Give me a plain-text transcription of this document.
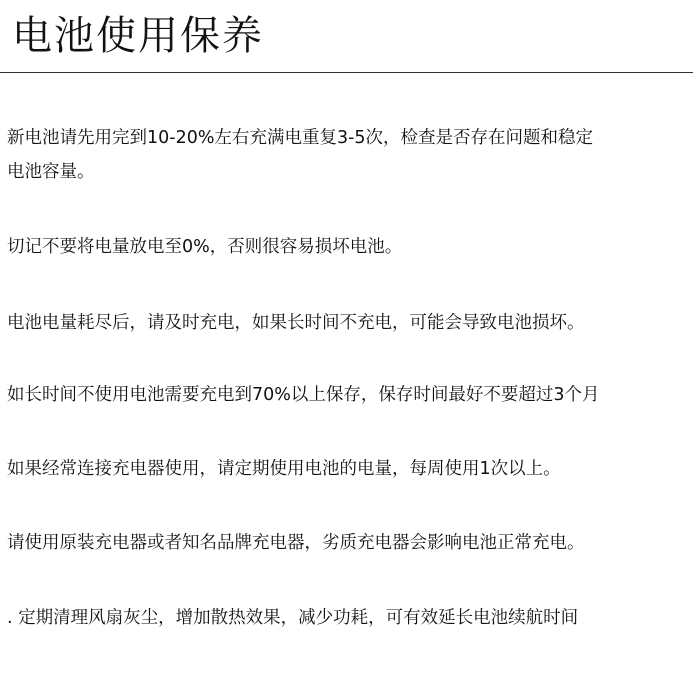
电池使用保养
新电池请先用完到10-20%左右充满电重复3-5次，检查是否存在问题和稳定
电池容量。
切记不要将电量放电至0%，否则很容易损坏电池。
电池电量耗尽后，请及时充电，如果长时间不充电，可能会导致电池损坏。
如长时间不使用电池需要充电到70%以上保存，保存时间最好不要超过3个月
如果经常连接充电器使用，请定期使用电池的电量，每周使用1次以上。
请使用原装充电器或者知名品牌充电器，劣质充电器会影响电池正常充电。
. 定期清理风扇灰尘，增加散热效果，减少功耗，可有效延长电池续航时间
